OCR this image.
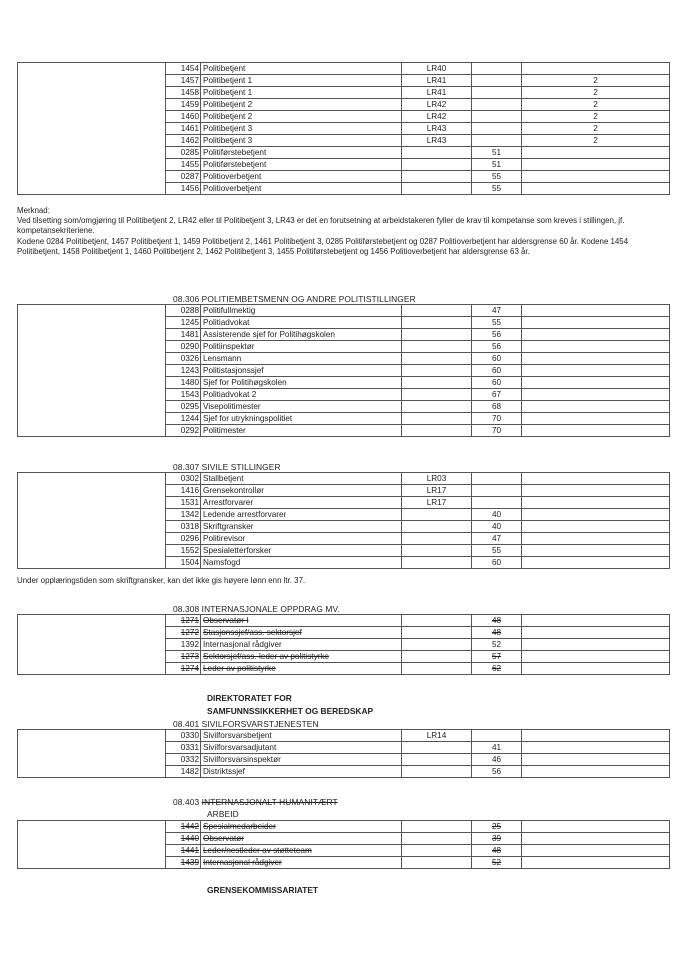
	1454	Politibetjent	LR40		
	1457	Politibetjent 1	LR41		2
	1458	Politibetjent 1	LR41		2
	1459	Politibetjent 2	LR42		2
	1460	Politibetjent 2	LR42		2
	1461	Politibetjent 3	LR43		2
	1462	Politibetjent 3	LR43		2
	0285	Politiførstebetjent		51	
	1455	Politiførstebetjent		51	
	0287	Politioverbetjent		55	
	1456	Politioverbetjent		55	
Merknad:
Ved tilsetting som/omgjøring til Politibetjent 2, LR42 eller til Politibetjent 3, LR43 er det en forutsetning at arbeidstakeren fyller de krav til kompetanse som kreves i stillingen, jf. kompetansekriteriene.
Kodene 0284 Politibetjent, 1457 Politibetjent 1, 1459 Politibetjent 2, 1461 Politibetjent 3, 0285 Politiførstebetjent og 0287 Politioverbetjent har aldersgrense 60 år. Kodene 1454 Politibetjent, 1458 Politibetjent 1, 1460 Politibetjent 2, 1462 Politibetjent 3, 1455 Politiførstebetjent og 1456 Politioverbetjent har aldersgrense 63 år.
08.306 POLITIEMBETSMENN OG ANDRE POLITISTILLINGER
	0288	Politifullmektig		47	
	1245	Politiadvokat		55	
	1481	Assisterende sjef for Politihøgskolen		56	
	0290	Politiinspektør		56	
	0326	Lensmann		60	
	1243	Politistasjonssjef		60	
	1480	Sjef for Politihøgskolen		60	
	1543	Politiadvokat 2		67	
	0295	Visepolitimester		68	
	1244	Sjef for utrykningspolitiet		70	
	0292	Politimester		70	
08.307 SIVILE STILLINGER
	0302	Stallbetjent	LR03		
	1416	Grensekontrollør	LR17		
	1531	Arrestforvarer	LR17		
	1342	Ledende arrestforvarer		40	
	0318	Skriftgransker		40	
	0296	Politirevisor		47	
	1552	Spesialetterforsker		55	
	1504	Namsfogd		60	
Under opplæringstiden som skriftgransker, kan det ikke gis høyere lønn enn ltr. 37.
08.308 INTERNASJONALE OPPDRAG MV.
	1271	Observatør I		48	
	1272	Stasjonssjef/ass. sektorsjef		48	
	1392	Internasjonal rådgiver		52	
	1273	Sektorsjef/ass. leder av politistyrke		57	
	1274	Leder av politistyrke		62	
DIREKTORATET FOR
SAMFUNNSSIKKERHET OG BEREDSKAP
08.401 SIVILFORSVARSTJENESTEN
	0330	Sivilforsvarsbetjent	LR14		
	0331	Sivilforsvarsadjutant		41	
	0332	Sivilforsvarsinspektør		46	
	1482	Distriktssjef		56	
08.403 INTERNASJONALT HUMANITÆRT
ARBEID
	1442	Spesialmedarbeider		25	
	1440	Observatør		39	
	1441	Leder/nestleder av støtteteam		48	
	1439	Internasjonal rådgiver		52	
GRENSEKOMMISSARIATET
